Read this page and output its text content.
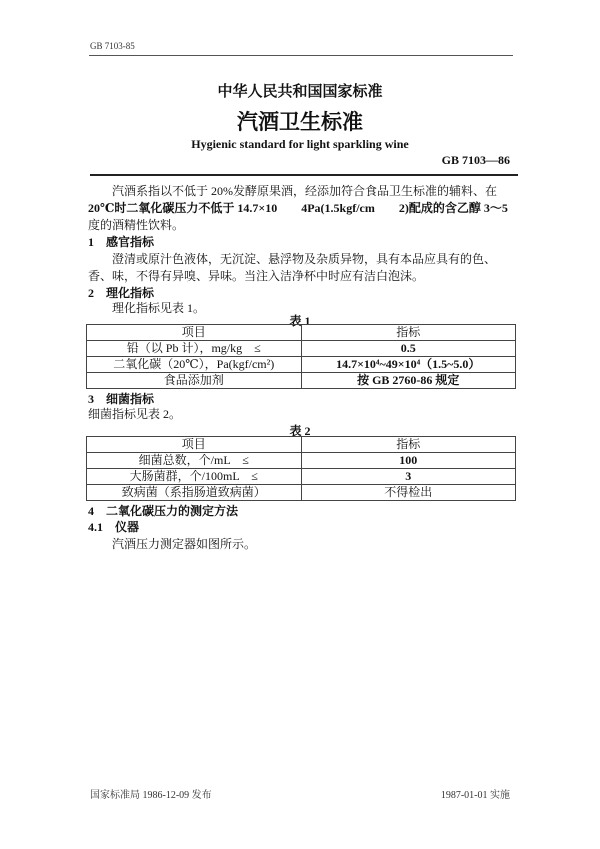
GB 7103-85
中华人民共和国国家标准
汽酒卫生标准
Hygienic standard for light sparkling wine
GB 7103—86
汽酒系指以不低于 20%发酵原果酒，经添加符合食品卫生标准的辅料、在
20℃时二氧化碳压力不低于 14.7×10　　4Pa(1.5kgf/cm　　2)配成的含乙醇 3～5
度的酒精性饮料。
1　感官指标
澄清或原汁色液体，无沉淀、悬浮物及杂质异物，具有本品应具有的色、
香、味，不得有异嗅、异味。当注入洁净杯中时应有洁白泡沫。
2　理化指标
理化指标见表 1。
表 1
项目	指标
铅（以 Pb 计），mg/kg　≤	0.5
二氧化碳（20℃），Pa(kgf/cm²)	14.7×10⁴~49×10⁴（1.5~5.0）
食品添加剂	按 GB 2760-86 规定
3　细菌指标
细菌指标见表 2。
表 2
项目	指标
细菌总数，个/mL　≤	100
大肠菌群，个/100mL　≤	3
致病菌（系指肠道致病菌）	不得检出
4　二氧化碳压力的测定方法
4.1　仪器
汽酒压力测定器如图所示。
国家标准局 1986-12-09 发布	1987-01-01 实施
